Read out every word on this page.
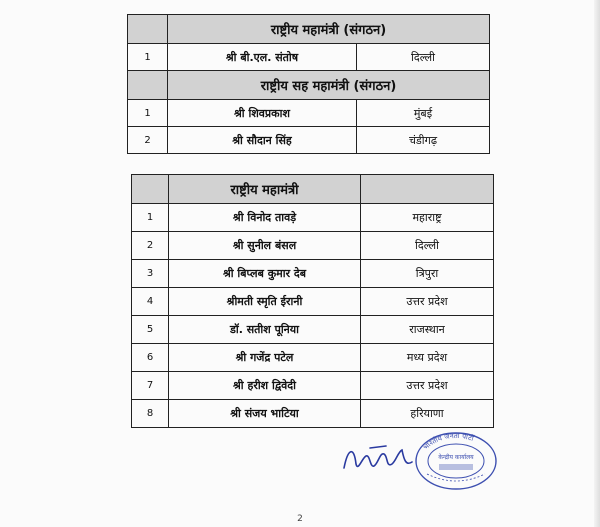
	राष्ट्रीय महामंत्री (संगठन)	
1	श्री बी.एल. संतोष	दिल्ली
	राष्ट्रीय सह महामंत्री (संगठन)	
1	श्री शिवप्रकाश	मुंबई
2	श्री सौदान सिंह	चंडीगढ़
	राष्ट्रीय महामंत्री	
1	श्री विनोद तावड़े	महाराष्ट्र
2	श्री सुनील बंसल	दिल्ली
3	श्री बिप्लब कुमार देब	त्रिपुरा
4	श्रीमती स्मृति ईरानी	उत्तर प्रदेश
5	डॉ. सतीश पूनिया	राजस्थान
6	श्री गजेंद्र पटेल	मध्य प्रदेश
7	श्री हरीश द्विवेदी	उत्तर प्रदेश
8	श्री संजय भाटिया	हरियाणा
भारतीय जनता पार्टी
केन्द्रीय कार्यालय
2
